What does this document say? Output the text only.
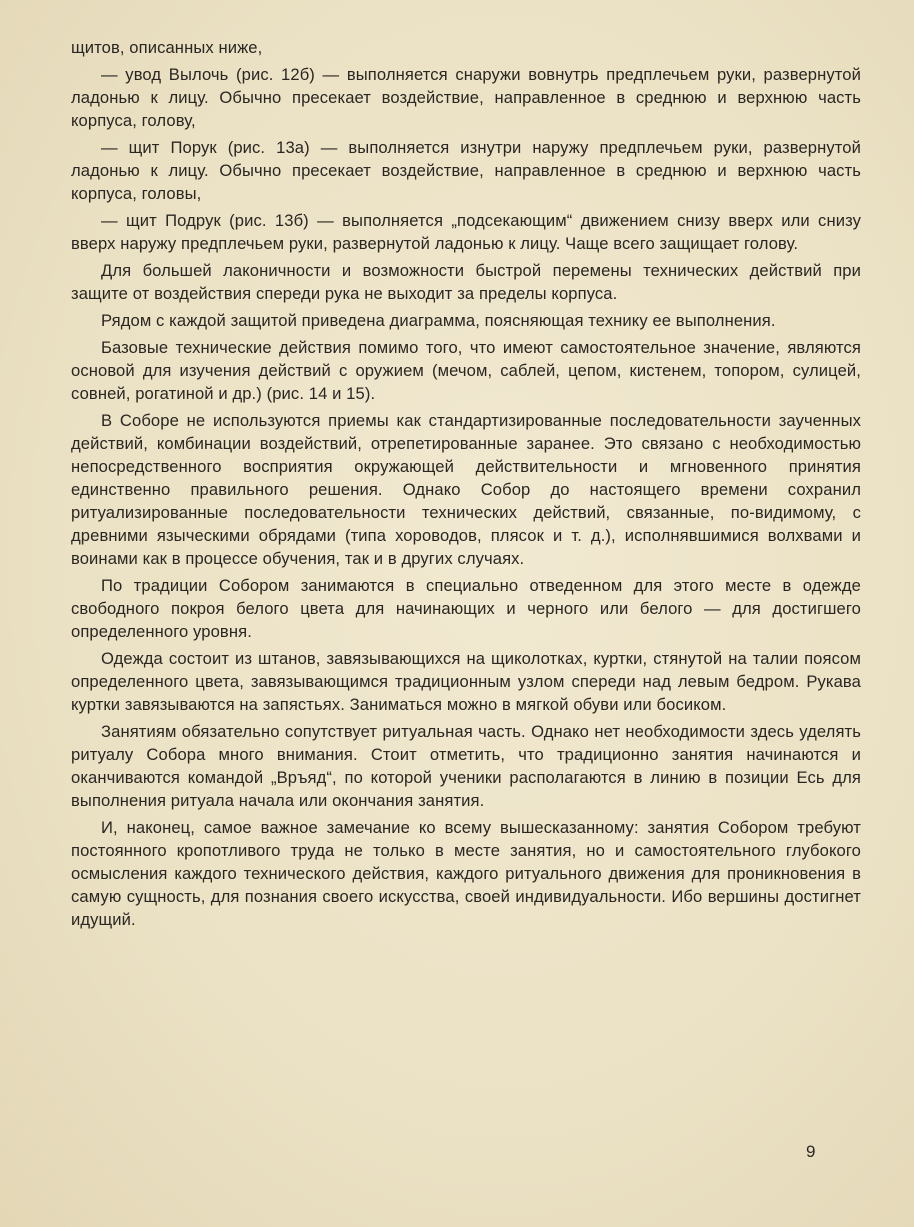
щитов, описанных ниже,

— увод Вылочь (рис. 12б) — выполняется снаружи вовнутрь предплечьем руки, развернутой ладонью к лицу. Обычно пресекает воздействие, направленное в среднюю и верхнюю часть корпуса, голову,

— щит Порук (рис. 13а) — выполняется изнутри наружу предплечьем руки, развернутой ладонью к лицу. Обычно пресекает воздействие, направленное в среднюю и верхнюю часть корпуса, головы,

— щит Подрук (рис. 13б) — выполняется „подсекающим“ движением снизу вверх или снизу вверх наружу предплечьем руки, развернутой ладонью к лицу. Чаще всего защищает голову.

Для большей лаконичности и возможности быстрой перемены технических действий при защите от воздействия спереди рука не выходит за пределы корпуса.

Рядом с каждой защитой приведена диаграмма, поясняющая технику ее выполнения.

Базовые технические действия помимо того, что имеют самостоятельное значение, являются основой для изучения действий с оружием (мечом, саблей, цепом, кистенем, топором, сулицей, совней, рогатиной и др.) (рис. 14 и 15).

В Соборе не используются приемы как стандартизированные последовательности заученных действий, комбинации воздействий, отрепетированные заранее. Это связано с необходимостью непосредственного восприятия окружающей действительности и мгновенного принятия единственно правильного решения. Однако Собор до настоящего времени сохранил ритуализированные последовательности технических действий, связанные, по-видимому, с древними языческими обрядами (типа хороводов, плясок и т. д.), исполнявшимися волхвами и воинами как в процессе обучения, так и в других случаях.

По традиции Собором занимаются в специально отведенном для этого месте в одежде свободного покроя белого цвета для начинающих и черного или белого — для достигшего определенного уровня.

Одежда состоит из штанов, завязывающихся на щиколотках, куртки, стянутой на талии поясом определенного цвета, завязывающимся традиционным узлом спереди над левым бедром. Рукава куртки завязываются на запястьях. Заниматься можно в мягкой обуви или босиком.

Занятиям обязательно сопутствует ритуальная часть. Однако нет необходимости здесь уделять ритуалу Собора много внимания. Стоит отметить, что традиционно занятия начинаются и оканчиваются командой „Връяд“, по которой ученики располагаются в линию в позиции Есь для выполнения ритуала начала или окончания занятия.

И, наконец, самое важное замечание ко всему вышесказанному: занятия Собором требуют постоянного кропотливого труда не только в месте занятия, но и самостоятельного глубокого осмысления каждого технического действия, каждого ритуального движения для проникновения в самую сущность, для познания своего искусства, своей индивидуальности. Ибо вершины достигнет идущий.

9
